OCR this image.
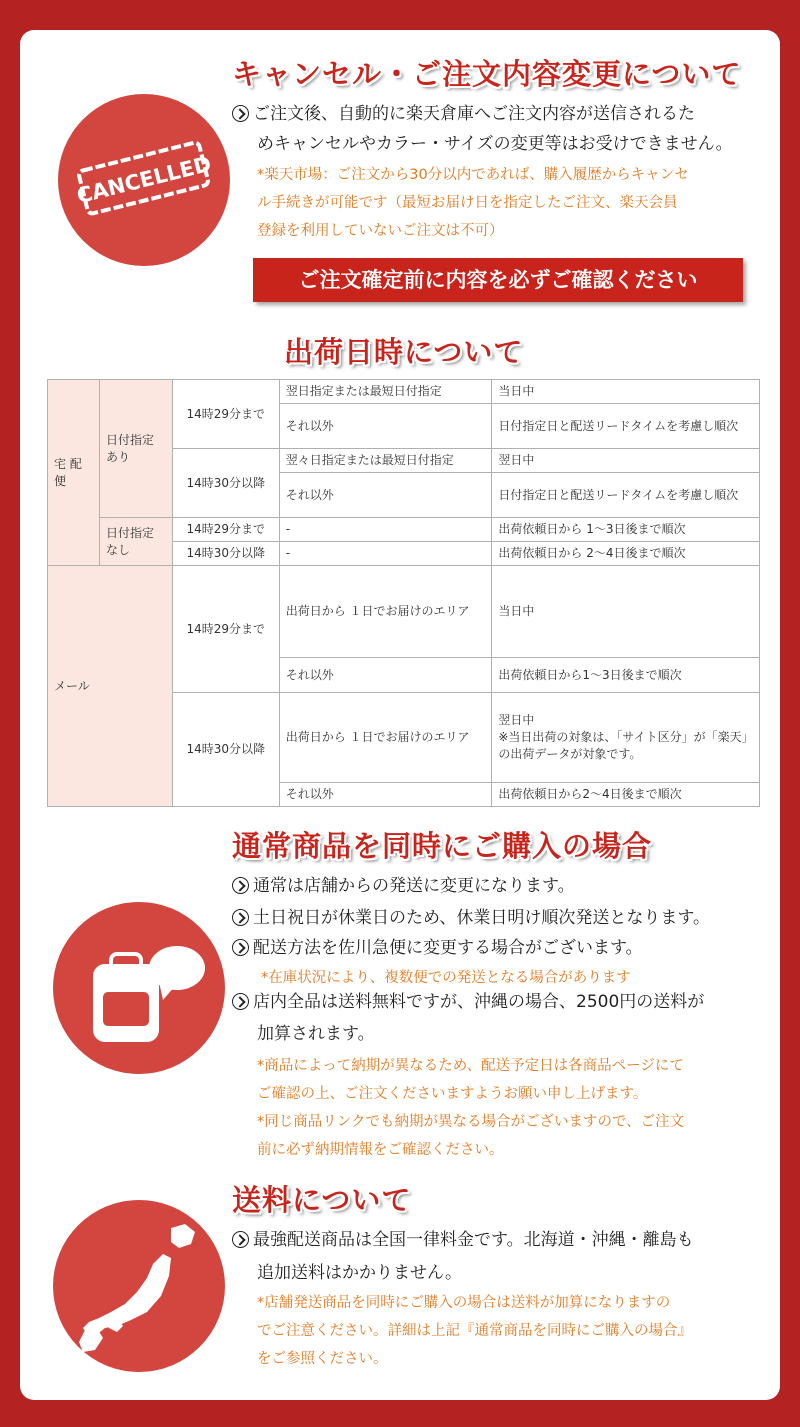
キャンセル・ご注文内容変更について
CANCELLED
ご注文後、自動的に楽天倉庫へご注文内容が送信されるた
めキャンセルやカラー・サイズの変更等はお受けできません。
*楽天市場：ご注文から30分以内であれば、購入履歴からキャンセ
ル手続きが可能です（最短お届け日を指定したご注文、楽天会員
登録を利用していないご注文は不可）
ご注文確定前に内容を必ずご確認ください
出荷日時について
宅 配 便	日付指定あり	14時29分まで	翌日指定または最短日付指定	当日中
			それ以外	日付指定日と配送リードタイムを考慮し順次
		14時30分以降	翌々日指定または最短日付指定	翌日中
			それ以外	日付指定日と配送リードタイムを考慮し順次
	日付指定なし	14時29分まで	-	出荷依頼日から 1〜3日後まで順次
		14時30分以降	-	出荷依頼日から 2〜4日後まで順次
メール		14時29分まで	出荷日から １日でお届けのエリア	当日中
			それ以外	出荷依頼日から1〜3日後まで順次
		14時30分以降	出荷日から １日でお届けのエリア	翌日中
※当日出荷の対象は、「サイト区分」が「楽天」の出荷データが対象です。
			それ以外	出荷依頼日から2〜4日後まで順次
通常商品を同時にご購入の場合
通常は店舗からの発送に変更になります。
土日祝日が休業日のため、休業日明け順次発送となります。
配送方法を佐川急便に変更する場合がございます。
*在庫状況により、複数便での発送となる場合があります
店内全品は送料無料ですが、沖縄の場合、2500円の送料が
加算されます。
*商品によって納期が異なるため、配送予定日は各商品ページにて
ご確認の上、ご注文くださいますようお願い申し上げます。
*同じ商品リンクでも納期が異なる場合がございますので、ご注文
前に必ず納期情報をご確認ください。
送料について
最強配送商品は全国一律料金です。北海道・沖縄・離島も
追加送料はかかりません。
*店舗発送商品を同時にご購入の場合は送料が加算になりますの
でご注意ください。詳細は上記『通常商品を同時にご購入の場合』
をご参照ください。
